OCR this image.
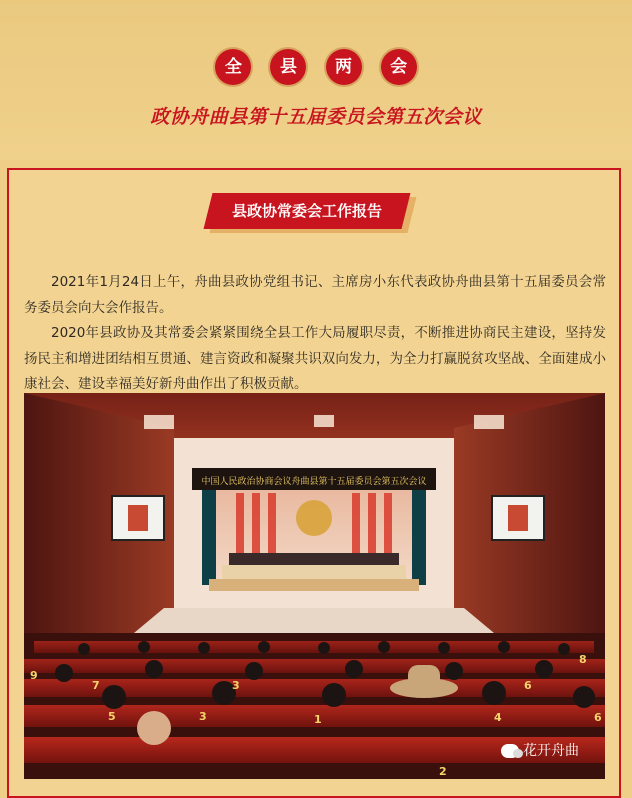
全 县 两 会
政协舟曲县第十五届委员会第五次会议
县政协常委会工作报告

2021年1月24日上午，舟曲县政协党组书记、主席房小东代表政协舟曲县第十五届委员会常务委员会向大会作报告。

2020年县政协及其常委会紧紧围绕全县工作大局履职尽责，不断推进协商民主建设，坚持发扬民主和增进团结相互贯通、建言资政和凝聚共识双向发力，为全力打赢脱贫攻坚战、全面建成小康社会、建设幸福美好新舟曲作出了积极贡献。

中国人民政治协商会议舟曲县第十五届委员会第五次会议
9
7
5
3
3
2
1	4
6
6
8
花开舟曲
